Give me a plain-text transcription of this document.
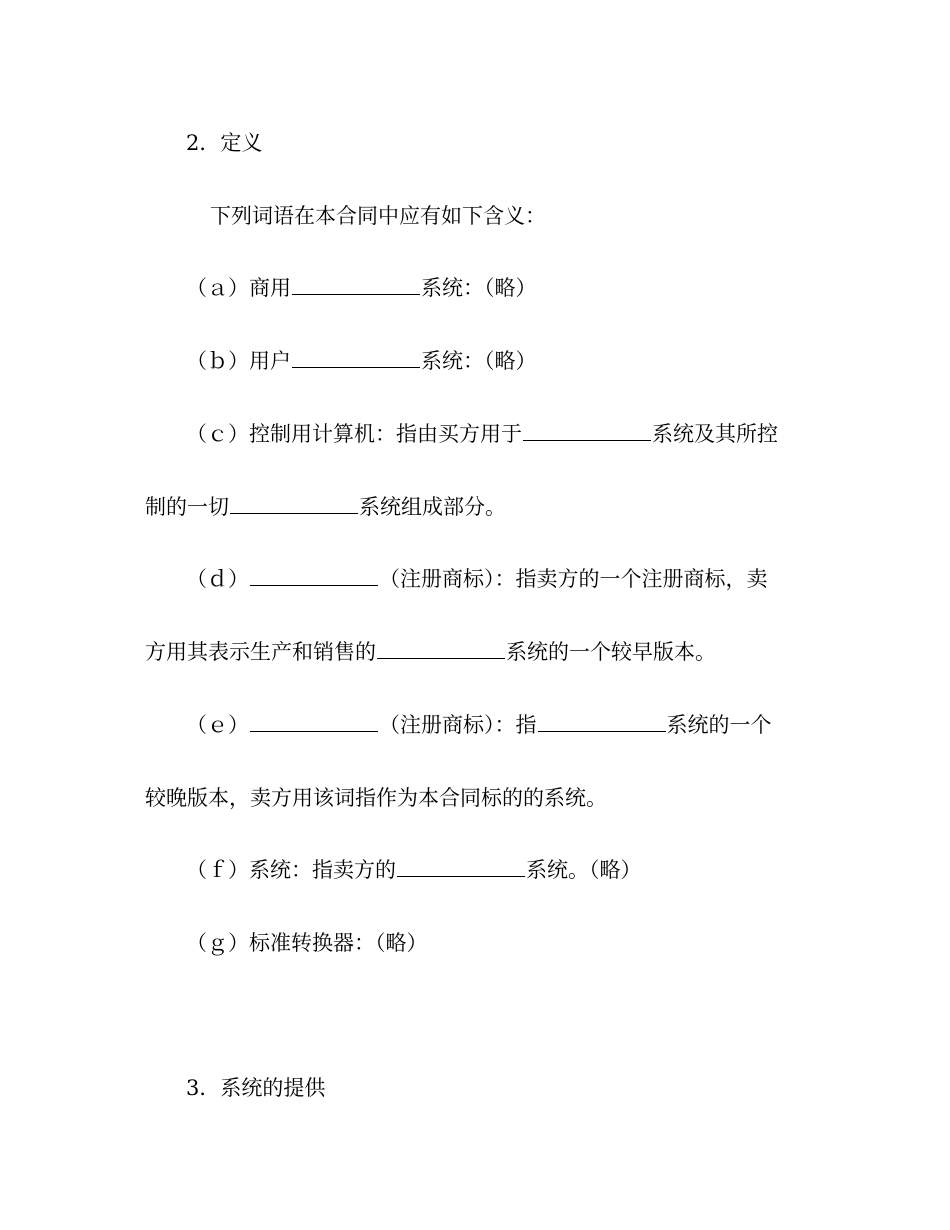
2．定义
下列词语在本合同中应有如下含义：
（ａ）商用	系统：（略）
（ｂ）用户	系统：（略）
（ｃ）控制用计算机：指由买方用于	系统及其所控
制的一切	系统组成部分。
（ｄ）	（注册商标）：指卖方的一个注册商标，卖
方用其表示生产和销售的	系统的一个较早版本。
（ｅ）	（注册商标）：指	系统的一个
较晚版本，卖方用该词指作为本合同标的的系统。
（ｆ）系统：指卖方的	系统。（略）
（ｇ）标准转换器：（略）
3．系统的提供
